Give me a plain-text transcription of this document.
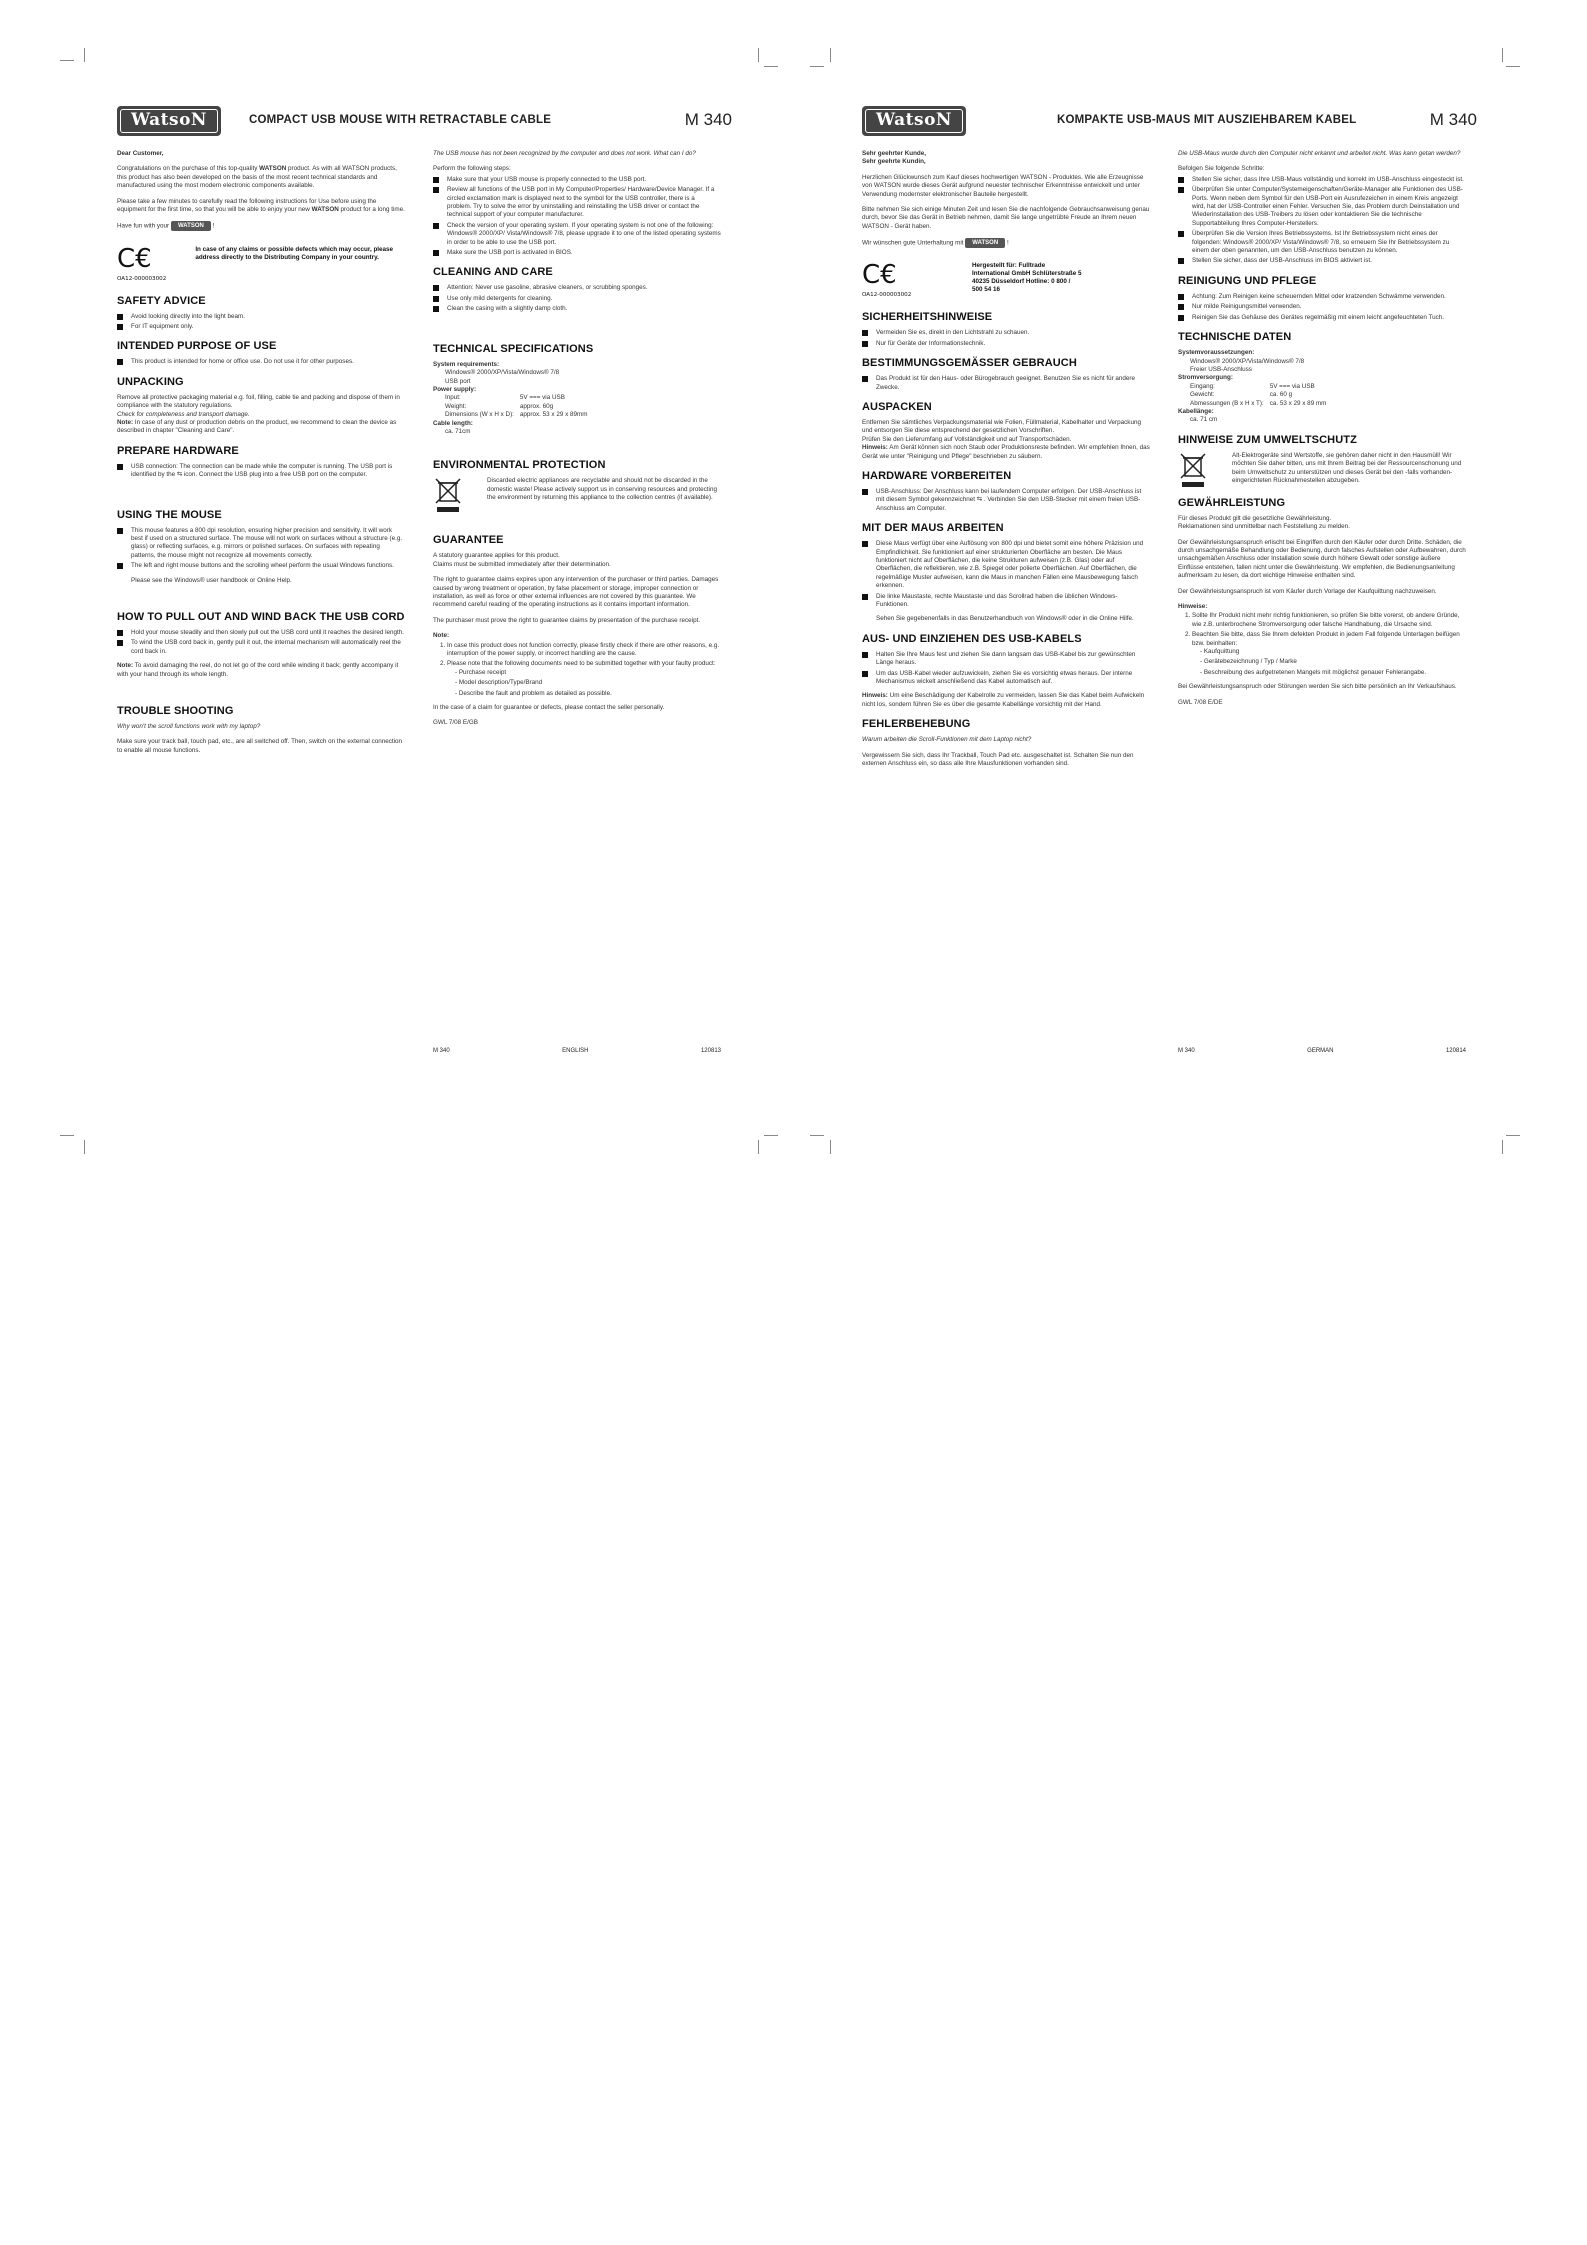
WatsoN	COMPACT USB MOUSE WITH RETRACTABLE CABLE	M 340

Dear Customer,

Congratulations on the purchase of this top-quality WATSON product. As with all WATSON products, this product has also been developed on the basis of the most recent technical standards and manufactured using the most modern electronic components available.

Please take a few minutes to carefully read the following instructions for Use before using the equipment for the first time, so that you will be able to enjoy your new WATSON product for a long time.

Have fun with your WATSON !

C€
OA12-000003002
In case of any claims or possible defects which may occur, please address directly to the Distributing Company in your country.
SAFETY ADVICE
Avoid looking directly into the light beam.
For IT equipment only.
INTENDED PURPOSE OF USE
This product is intended for home or office use. Do not use it for other purposes.
UNPACKING

Remove all protective packaging material e.g. foil, filling, cable tie and packing and dispose of them in compliance with the statutory regulations.
Check for completeness and transport damage.
Note: In case of any dust or production debris on the product, we recommend to clean the device as described in chapter "Cleaning and Care".

PREPARE HARDWARE
USB connection: The connection can be made while the computer is running. The USB port is identified by the ⇆ icon. Connect the USB plug into a free USB port on the computer.
USING THE MOUSE
This mouse features a 800 dpi resolution, ensuring higher precision and sensitivity. It will work best if used on a structured surface. The mouse will not work on surfaces without a structure (e.g. glass) or reflecting surfaces, e.g. mirrors or polished surfaces. On surfaces with repeating patterns, the mouse might not recognize all movements correctly.
The left and right mouse buttons and the scrolling wheel perform the usual Windows functions.

Please see the Windows® user handbook or Online Help.

HOW TO PULL OUT AND WIND BACK THE USB CORD
Hold your mouse steadily and then slowly pull out the USB cord until it reaches the desired length.
To wind the USB cord back in, gently pull it out, the internal mechanism will automatically reel the cord back in.

Note: To avoid damaging the reel, do not let go of the cord while winding it back; gently accompany it with your hand through its whole length.

TROUBLE SHOOTING

Why won't the scroll functions work with my laptop?

Make sure your track ball, touch pad, etc., are all switched off. Then, switch on the external connection to enable all mouse functions.

The USB mouse has not been recognized by the computer and does not work. What can I do?

Perform the following steps:

Make sure that your USB mouse is properly connected to the USB port.
Review all functions of the USB port in My Computer/Properties/ Hardware/Device Manager. If a circled exclamation mark is displayed next to the symbol for the USB controller, there is a problem. Try to solve the error by uninstalling and reinstalling the USB driver or contact the technical support of your computer manufacturer.
Check the version of your operating system. If your operating system is not one of the following: Windows® 2000/XP/ Vista/Windows® 7/8, please upgrade it to one of the listed operating systems in order to be able to use the USB port.
Make sure the USB port is activated in BIOS.
CLEANING AND CARE
Attention: Never use gasoline, abrasive cleaners, or scrubbing sponges.
Use only mild detergents for cleaning.
Clean the casing with a slightly damp cloth.
TECHNICAL SPECIFICATIONS
System requirements:
Windows® 2000/XP/Vista/Windows® 7/8
USB port
Power supply:
Input:	5V === via USB
Weight:	approx. 60g
Dimensions (W x H x D):	approx. 53 x 29 x 89mm
Cable length:
ca. 71cm
ENVIRONMENTAL PROTECTION
Discarded electric appliances are recyclable and should not be discarded in the domestic waste! Please actively support us in conserving resources and protecting the environment by returning this appliance to the collection centres (if available).
GUARANTEE

A statutory guarantee applies for this product.
Claims must be submitted immediately after their determination.

The right to guarantee claims expires upon any intervention of the purchaser or third parties. Damages caused by wrong treatment or operation, by false placement or storage, improper connection or installation, as well as force or other external influences are not covered by this guarantee. We recommend careful reading of the operating instructions as it contains important information.

The purchaser must prove the right to guarantee claims by presentation of the purchase receipt.

Note:

1. In case this product does not function correctly, please firstly check if there are other reasons, e.g. interruption of the power supply, or incorrect handling are the cause.
2. Please note that the following documents need to be submitted together with your faulty product:
- Purchase receipt
- Model description/Type/Brand
- Describe the fault and problem as detailed as possible.

In the case of a claim for guarantee or defects, please contact the seller personally.

GWL 7/08 E/GB

M 340	ENGLISH	120813
WatsoN	KOMPAKTE USB-MAUS MIT AUSZIEHBAREM KABEL	M 340

Sehr geehrter Kunde,
Sehr geehrte Kundin,

Herzlichen Glückwunsch zum Kauf dieses hochwertigen WATSON - Produktes. Wie alle Erzeugnisse von WATSON wurde dieses Gerät aufgrund neuester technischer Erkenntnisse entwickelt und unter Verwendung modernster elektronischer Bauteile hergestellt.

Bitte nehmen Sie sich einige Minuten Zeit und lesen Sie die nachfolgende Gebrauchsanweisung genau durch, bevor Sie das Gerät in Betrieb nehmen, damit Sie lange ungetrübte Freude an Ihrem neuen WATSON - Gerät haben.

Wir wünschen gute Unterhaltung mit WATSON !

C€
OA12-000003002
Hergestellt für: Fulltrade International GmbH Schlüterstraße 5 40235 Düsseldorf Hotline: 0 800 / 500 54 16
SICHERHEITSHINWEISE
Vermeiden Sie es, direkt in den Lichtstrahl zu schauen.
Nur für Geräte der Informationstechnik.
BESTIMMUNGSGEMÄSSER GEBRAUCH
Das Produkt ist für den Haus- oder Bürogebrauch geeignet. Benutzen Sie es nicht für andere Zwecke.
AUSPACKEN

Entfernen Sie sämtliches Verpackungsmaterial wie Folien, Füllmaterial, Kabelhalter und Verpackung und entsorgen Sie diese entsprechend der gesetzlichen Vorschriften.
Prüfen Sie den Lieferumfang auf Vollständigkeit und auf Transportschäden.
Hinweis: Am Gerät können sich noch Staub oder Produktionsreste befinden. Wir empfehlen Ihnen, das Gerät wie unter "Reinigung und Pflege" beschrieben zu säubern.

HARDWARE VORBEREITEN
USB-Anschluss: Der Anschluss kann bei laufendem Computer erfolgen. Der USB-Anschluss ist mit diesem Symbol gekennzeichnet ⇆ . Verbinden Sie den USB-Stecker mit einem freien USB-Anschluss am Computer.
MIT DER MAUS ARBEITEN
Diese Maus verfügt über eine Auflösung von 800 dpi und bietet somit eine höhere Präzision und Empfindlichkeit. Sie funktioniert auf einer strukturierten Oberfläche am besten. Die Maus funktioniert nicht auf Oberflächen, die keine Strukturen aufweisen (z.B. Glas) oder auf Oberflächen, die reflektieren, wie z.B. Spiegel oder polierte Oberflächen. Auf Oberflächen, die regelmäßige Muster aufweisen, kann die Maus in manchen Fällen eine Mausbewegung falsch erkennen.
Die linke Maustaste, rechte Maustaste und das Scrollrad haben die üblichen Windows-Funktionen.

Sehen Sie gegebenenfalls in das Benutzerhandbuch von Windows® oder in die Online Hilfe.

AUS- UND EINZIEHEN DES USB-KABELS
Halten Sie Ihre Maus fest und ziehen Sie dann langsam das USB-Kabel bis zur gewünschten Länge heraus.
Um das USB-Kabel wieder aufzuwickeln, ziehen Sie es vorsichtig etwas heraus. Der interne Mechanismus wickelt anschließend das Kabel automatisch auf.

Hinweis: Um eine Beschädigung der Kabelrolle zu vermeiden, lassen Sie das Kabel beim Aufwickeln nicht los, sondern führen Sie es über die gesamte Kabellänge vorsichtig mit der Hand.

FEHLERBEHEBUNG

Warum arbeiten die Scroll-Funktionen mit dem Laptop nicht?

Vergewissern Sie sich, dass Ihr Trackball, Touch Pad etc. ausgeschaltet ist. Schalten Sie nun den externen Anschluss ein, so dass alle Ihre Mausfunktionen vorhanden sind.

Die USB-Maus wurde durch den Computer nicht erkannt und arbeitet nicht. Was kann getan werden?

Befolgen Sie folgende Schritte:

Stellen Sie sicher, dass Ihre USB-Maus vollständig und korrekt im USB-Anschluss eingesteckt ist.
Überprüfen Sie unter Computer/Systemeigenschaften/Geräte-Manager alle Funktionen des USB-Ports. Wenn neben dem Symbol für den USB-Port ein Ausrufezeichen in einem Kreis angezeigt wird, hat der USB-Controller einen Fehler. Versuchen Sie, das Problem durch Deinstallation und Wiederinstallation des USB-Treibers zu lösen oder kontaktieren Sie die technische Supportabteilung Ihres Computer-Herstellers.
Überprüfen Sie die Version Ihres Betriebssystems. Ist Ihr Betriebssystem nicht eines der folgenden: Windows® 2000/XP/ Vista/Windows® 7/8, so erneuern Sie Ihr Betriebssystem zu einem der oben genannten, um den USB-Anschluss benutzen zu können.
Stellen Sie sicher, dass der USB-Anschluss im BIOS aktiviert ist.
REINIGUNG UND PFLEGE
Achtung: Zum Reinigen keine scheuernden Mittel oder kratzenden Schwämme verwenden.
Nur milde Reinigungsmittel verwenden.
Reinigen Sie das Gehäuse des Gerätes regelmäßig mit einem leicht angefeuchteten Tuch.
TECHNISCHE DATEN
Systemvoraussetzungen:
Windows® 2000/XP/Vista/Windows® 7/8
Freier USB-Anschluss
Stromversorgung:
Eingang:	5V === via USB
Gewicht:	ca. 60 g
Abmessungen (B x H x T):	ca. 53 x 29 x 89 mm
Kabellänge:
ca. 71 cm
HINWEISE ZUM UMWELTSCHUTZ
Alt-Elektrogeräte sind Wertstoffe, sie gehören daher nicht in den Hausmüll! Wir möchten Sie daher bitten, uns mit Ihrem Beitrag bei der Ressourcenschonung und beim Umweltschutz zu unterstützen und dieses Gerät bei den -falls vorhanden- eingerichteten Rücknahmestellen abzugeben.
GEWÄHRLEISTUNG

Für dieses Produkt gilt die gesetzliche Gewährleistung.
Reklamationen sind unmittelbar nach Feststellung zu melden.

Der Gewährleistungsanspruch erlischt bei Eingriffen durch den Käufer oder durch Dritte. Schäden, die durch unsachgemäße Behandlung oder Bedienung, durch falsches Aufstellen oder Aufbewahren, durch unsachgemäßen Anschluss oder Installation sowie durch höhere Gewalt oder sonstige äußere Einflüsse entstehen, fallen nicht unter die Gewährleistung. Wir empfehlen, die Bedienungsanleitung aufmerksam zu lesen, da dort wichtige Hinweise enthalten sind.

Der Gewährleistungsanspruch ist vom Käufer durch Vorlage der Kaufquittung nachzuweisen.

Hinweise:

1. Sollte Ihr Produkt nicht mehr richtig funktionieren, so prüfen Sie bitte vorerst, ob andere Gründe, wie z.B. unterbrochene Stromversorgung oder falsche Handhabung, die Ursache sind.
2. Beachten Sie bitte, dass Sie Ihrem defekten Produkt in jedem Fall folgende Unterlagen beifügen bzw. beinhalten:
- Kaufquittung
- Gerätebezeichnung / Typ / Marke
- Beschreibung des aufgetretenen Mangels mit möglichst genauer Fehlerangabe.

Bei Gewährleistungsanspruch oder Störungen werden Sie sich bitte persönlich an Ihr Verkaufshaus.

GWL 7/08 E/DE

M 340	GERMAN	120814
